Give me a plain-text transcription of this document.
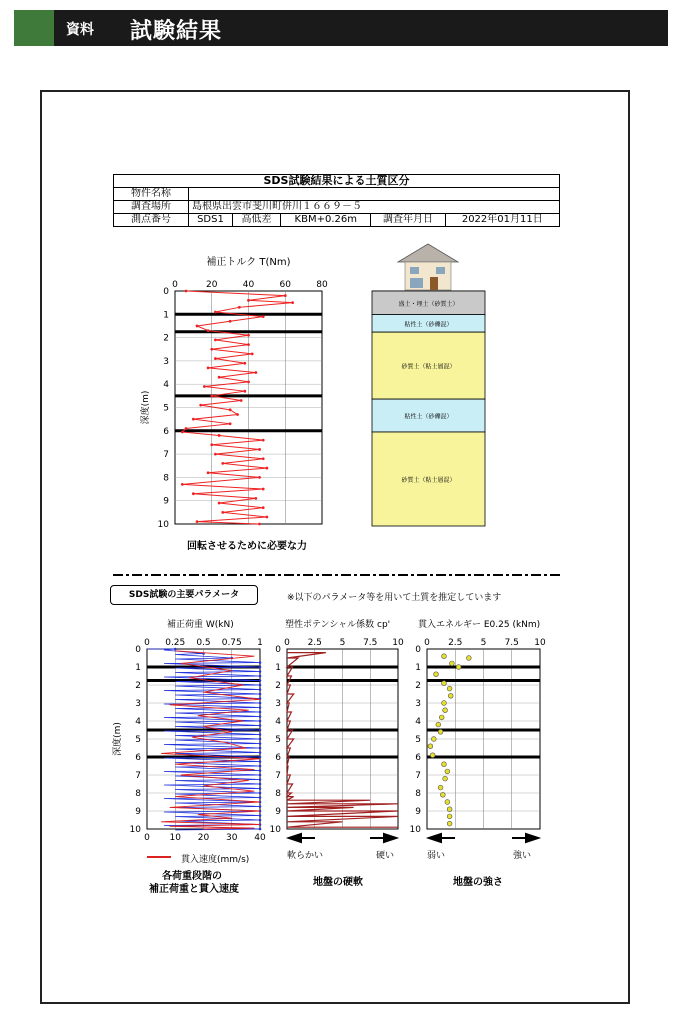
資料 試験結果
SDS試験結果による土質区分					
物件名称					
調査場所	島根県出雲市斐川町併川１６６９－５				
測点番号	SDS1	高低差	KBM+0.26m	調査年月日	2022年01月11日
補正トルク T(Nm)
0	20	40	60	80
0
1
2
3
4
5
6
7
8
9
10
深度(m)
盛土・埋土（砂質土）
粘性土（砂礫混）
砂質土（粘土層混）
粘性土（砂礫混）
砂質土（粘土層混）
0 0.25 0.5 0.75 1
0
1
2
3
4
5
6
7
8
9
10
0 10 20 30 40
深度(m)
0 2.5 5 7.5 10
0
1
2
3
4
5
6
7
8
9
10
0 2.5 5 7.5 10
0
1
2
3
4
5
6
7
8
9
10
回転させるために必要な力
SDS試験の主要パラメータ	※以下のパラメータ等を用いて土質を推定しています
補正荷重 W(kN)	塑性ポテンシャル係数 cp'	貫入エネルギー E0.25 (kNm)
貫入速度(mm/s)
各荷重段階の
補正荷重と貫入速度
軟らかい	硬い
地盤の硬軟
弱い	強い
地盤の強さ
